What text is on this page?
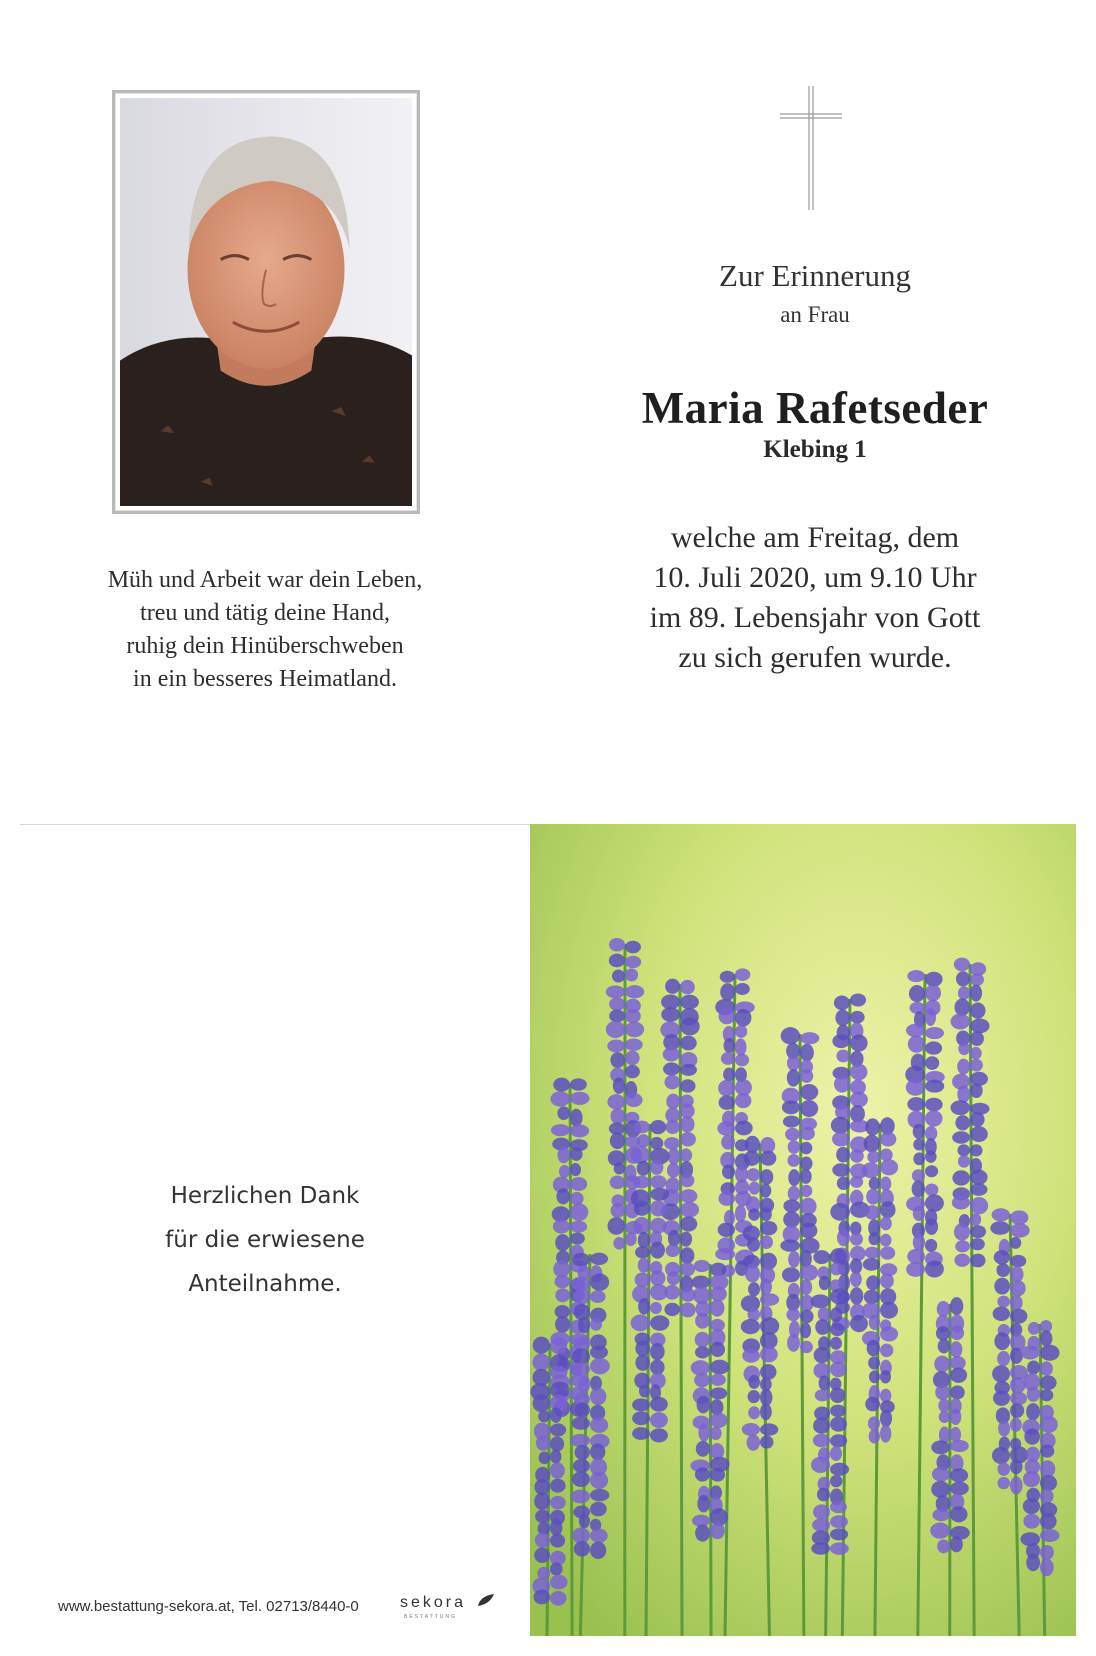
Zur Erinnerung
an Frau
Maria Rafetseder
Klebing 1
welche am Freitag, dem
10. Juli 2020, um 9.10 Uhr
im 89. Lebensjahr von Gott
zu sich gerufen wurde.
Müh und Arbeit war dein Leben,
treu und tätig deine Hand,
ruhig dein Hinüberschweben
in ein besseres Heimatland.
Herzlichen Dank
für die erwiesene
Anteilnahme.
www.bestattung-sekora.at, Tel. 02713/8440-0	sekora
BESTATTUNG
